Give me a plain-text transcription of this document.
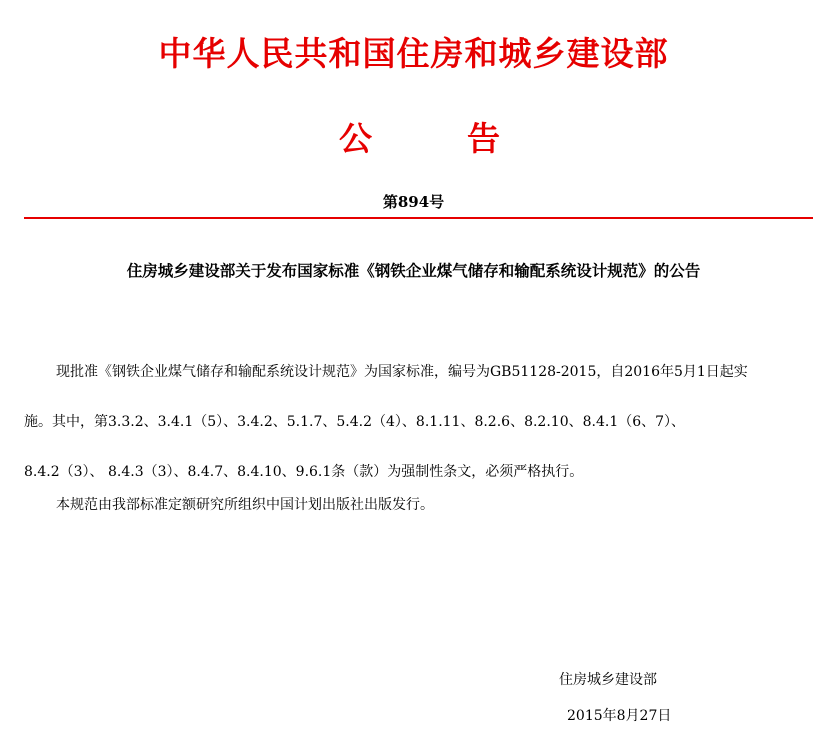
中华人民共和国住房和城乡建设部
公	告
第894号
住房城乡建设部关于发布国家标准《钢铁企业煤气储存和输配系统设计规范》的公告
现批准《钢铁企业煤气储存和输配系统设计规范》为国家标准，编号为GB51128-2015，自2016年5月1日起实
施。其中，第3.3.2、3.4.1（5）、3.4.2、5.1.7、5.4.2（4）、8.1.11、8.2.6、8.2.10、8.4.1（6、7）、
8.4.2（3）、 8.4.3（3）、8.4.7、8.4.10、9.6.1条（款）为强制性条文，必须严格执行。
本规范由我部标准定额研究所组织中国计划出版社出版发行。
住房城乡建设部
2015年8月27日
